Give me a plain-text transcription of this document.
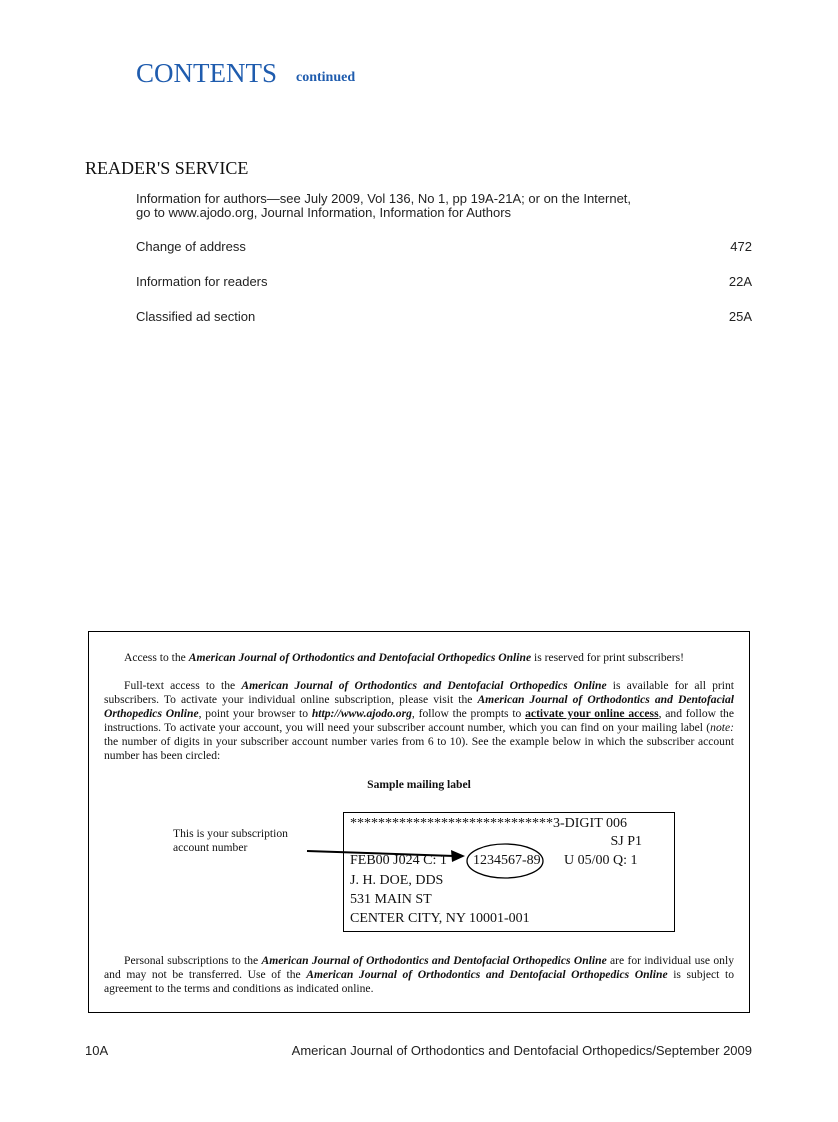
CONTENTS continued
READER'S SERVICE
Information for authors—see July 2009, Vol 136, No 1, pp 19A-21A; or on the Internet,
go to www.ajodo.org, Journal Information, Information for Authors
Change of address	472
Information for readers	22A
Classified ad section	25A
Access to the American Journal of Orthodontics and Dentofacial Orthopedics Online is reserved for print subscribers!
Full-text access to the American Journal of Orthodontics and Dentofacial Orthopedics Online is available for all print subscribers. To activate your individual online subscription, please visit the American Journal of Orthodontics and Dentofacial Orthopedics Online, point your browser to http://www.ajodo.org, follow the prompts to activate your online access, and follow the instructions. To activate your account, you will need your subscriber account number, which you can find on your mailing label (note: the number of digits in your subscriber account number varies from 6 to 10). See the example below in which the subscriber account number has been circled:
Sample mailing label
This is your subscription
account number
*****************************3-DIGIT 006
SJ P1
FEB00 J024 C: 1 1234567-89 U 05/00 Q: 1
J. H. DOE, DDS
531 MAIN ST
CENTER CITY, NY 10001-001
Personal subscriptions to the American Journal of Orthodontics and Dentofacial Orthopedics Online are for individual use only and may not be transferred. Use of the American Journal of Orthodontics and Dentofacial Orthopedics Online is subject to agreement to the terms and conditions as indicated online.
10A	American Journal of Orthodontics and Dentofacial Orthopedics/September 2009
